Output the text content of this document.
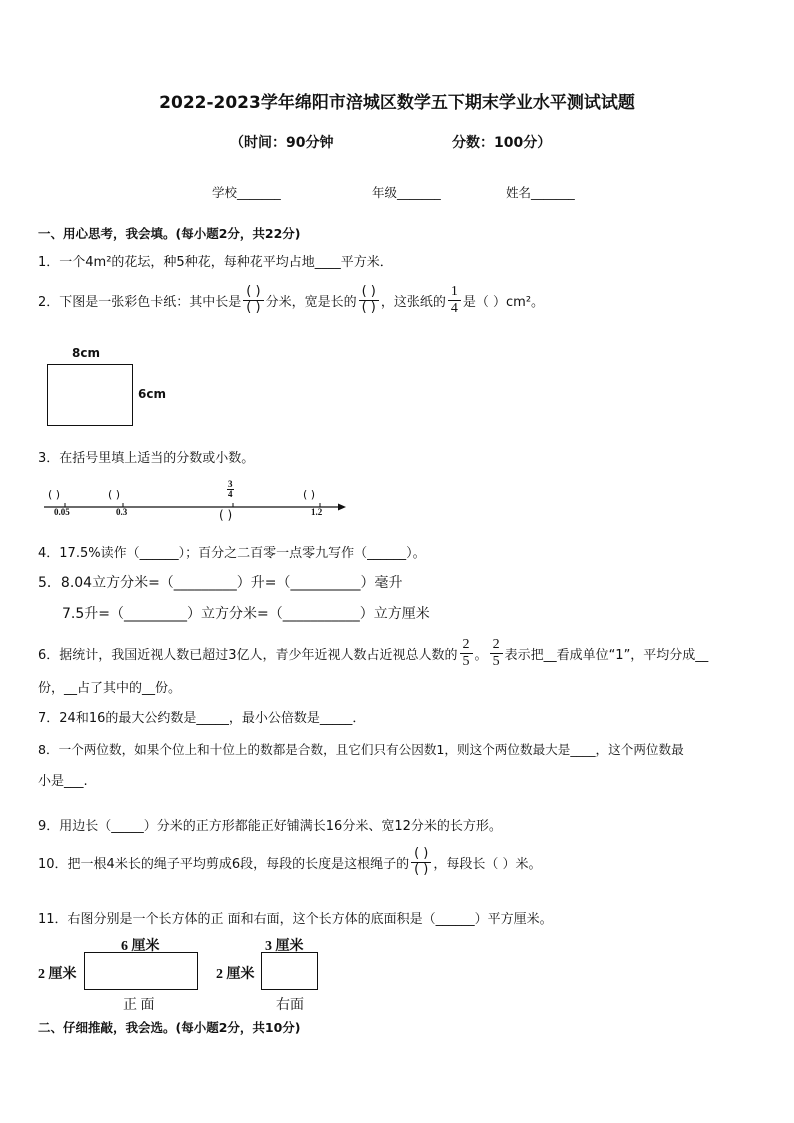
2022-2023学年绵阳市涪城区数学五下期末学业水平测试试题
（时间：90分钟	分数：100分）
学校_______	年级_______	姓名_______
一、用心思考，我会填。(每小题2分，共22分)
1．一个4m²的花坛，种5种花，每种花平均占地____平方米．
2．下图是一张彩色卡纸：其中长是 $\frac{( )}{( )}$ 分米，宽是长的 $\frac{( )}{( )}$ ，这张纸的 $\frac{1}{4}$ 是（ ）cm²。
8cm
6cm
3．在括号里填上适当的分数或小数。
( )	( )	( )
0.05	0.3	1.2
3
4
( )
4．17.5%读作（______）；百分之二百零一点零九写作（______）。
5．8.04立方分米=（_________）升=（__________）毫升
7.5升=（_________）立方分米=（___________）立方厘米
6．据统计，我国近视人数已超过3亿人，青少年近视人数占近视总人数的 $\frac{2}{5}$ 。 $\frac{2}{5}$ 表示把__看成单位“1”，平均分成__
份，__占了其中的__份。
7．24和16的最大公约数是_____，最小公倍数是_____．
8．一个两位数，如果个位上和十位上的数都是合数，且它们只有公因数1，则这个两位数最大是____，这个两位数最
小是___.
9．用边长（_____）分米的正方形都能正好铺满长16分米、宽12分米的长方形。
10．把一根4米长的绳子平均剪成6段，每段的长度是这根绳子的 $\frac{( )}{( )}$ ，每段长（ ）米。
11．右图分别是一个长方体的正 面和右面，这个长方体的底面积是（______）平方厘米。
6 厘米
2 厘米
正 面
3 厘米
2 厘米
右面
二、仔细推敲，我会选。(每小题2分，共10分)
